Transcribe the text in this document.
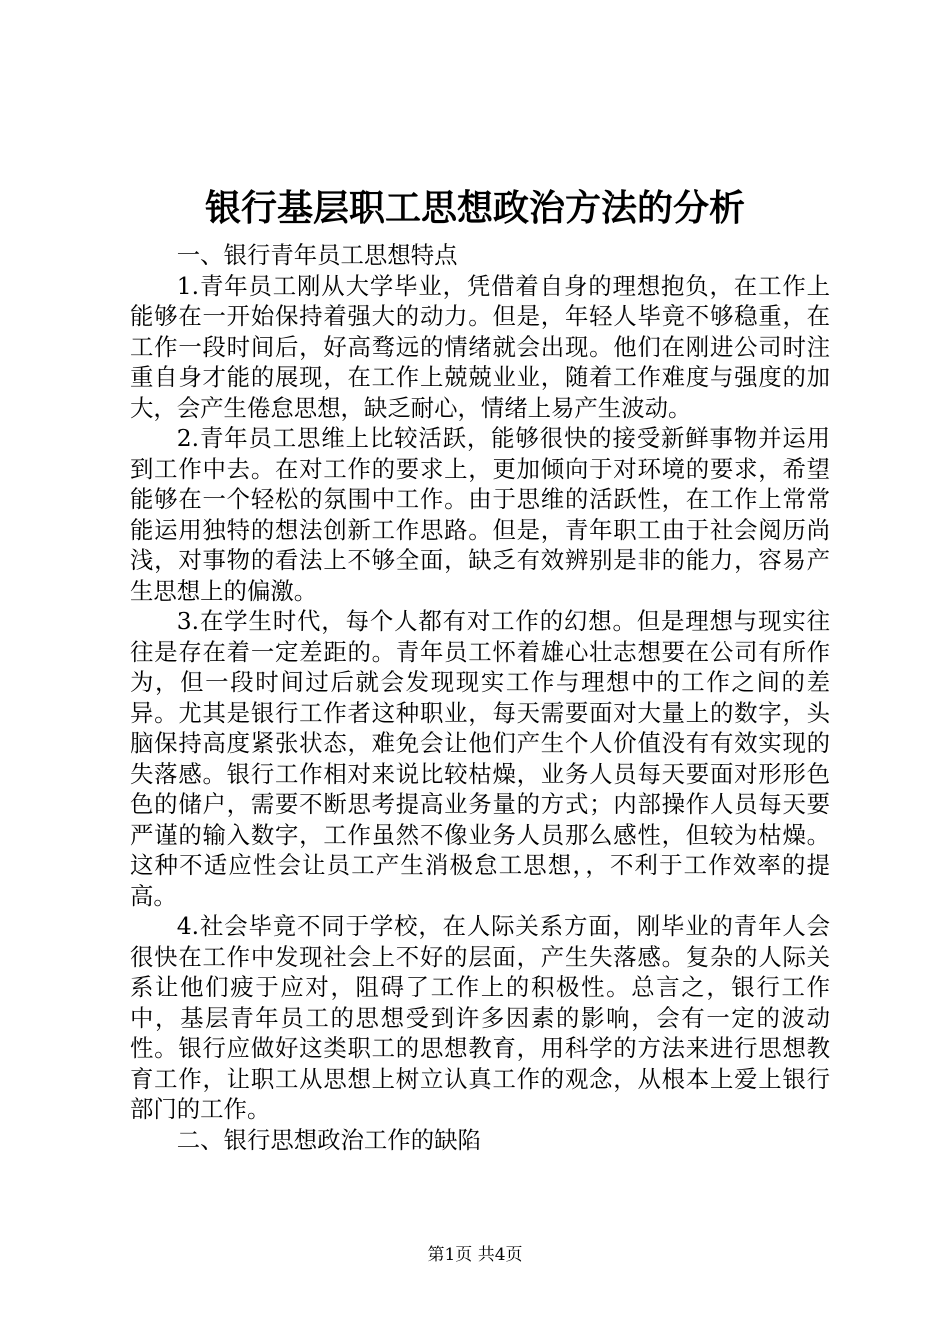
银行基层职工思想政治方法的分析

一、银行青年员工思想特点

1.青年员工刚从大学毕业，凭借着自身的理想抱负，在工作上能够在一开始保持着强大的动力。但是，年轻人毕竟不够稳重，在工作一段时间后，好高骛远的情绪就会出现。他们在刚进公司时注重自身才能的展现，在工作上兢兢业业，随着工作难度与强度的加大，会产生倦怠思想，缺乏耐心，情绪上易产生波动。

2.青年员工思维上比较活跃，能够很快的接受新鲜事物并运用到工作中去。在对工作的要求上，更加倾向于对环境的要求，希望能够在一个轻松的氛围中工作。由于思维的活跃性，在工作上常常能运用独特的想法创新工作思路。但是，青年职工由于社会阅历尚浅，对事物的看法上不够全面，缺乏有效辨别是非的能力，容易产生思想上的偏激。

3.在学生时代，每个人都有对工作的幻想。但是理想与现实往往是存在着一定差距的。青年员工怀着雄心壮志想要在公司有所作为，但一段时间过后就会发现现实工作与理想中的工作之间的差异。尤其是银行工作者这种职业，每天需要面对大量上的数字，头脑保持高度紧张状态，难免会让他们产生个人价值没有有效实现的失落感。银行工作相对来说比较枯燥，业务人员每天要面对形形色色的储户，需要不断思考提高业务量的方式；内部操作人员每天要严谨的输入数字，工作虽然不像业务人员那么感性，但较为枯燥。这种不适应性会让员工产生消极怠工思想，，不利于工作效率的提高。

4.社会毕竟不同于学校，在人际关系方面，刚毕业的青年人会很快在工作中发现社会上不好的层面，产生失落感。复杂的人际关系让他们疲于应对，阻碍了工作上的积极性。总言之，银行工作中，基层青年员工的思想受到许多因素的影响，会有一定的波动性。银行应做好这类职工的思想教育，用科学的方法来进行思想教育工作，让职工从思想上树立认真工作的观念，从根本上爱上银行部门的工作。

二、银行思想政治工作的缺陷

第1页 共4页
